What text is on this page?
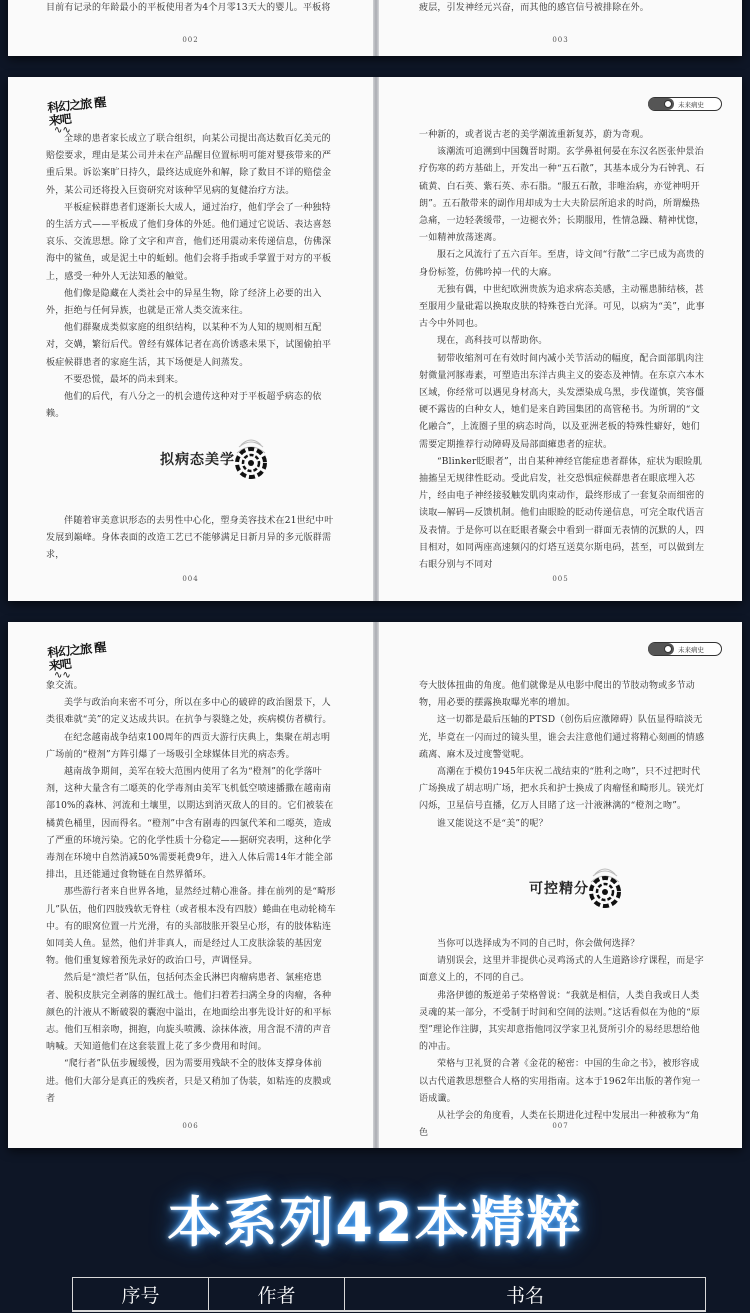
目前有记录的年龄最小的平板使用者为4个月零13天大的婴儿。平板将

002

疲层，引发神经元兴奋，而其他的感官信号被排除在外。

003
科幻之旅 醒来吧
∿∿

全球的患者家长成立了联合组织，向某公司提出高达数百亿美元的赔偿要求，理由是某公司并未在产品醒目位置标明可能对婴孩带来的严重后果。诉讼案旷日持久，最终达成庭外和解，除了数目不详的赔偿金外，某公司还将投入巨资研究对该种罕见病的复健治疗方法。

平板症候群患者们逐渐长大成人，通过治疗，他们学会了一种独特的生活方式——平板成了他们身体的外延。他们通过它说话、表达喜怒哀乐、交流思想。除了文字和声音，他们还用震动来传递信息，仿佛深海中的鲨鱼，或是泥土中的蚯蚓。他们会将手指或手掌置于对方的平板上，感受一种外人无法知悉的触觉。

他们像是隐藏在人类社会中的异星生物，除了经济上必要的出入外，拒绝与任何异族，也就是正常人类交流来往。

他们群聚成类似家庭的组织结构，以某种不为人知的规则相互配对，交媾，繁衍后代。曾经有媒体记者在高价诱惑未果下，试图偷拍平板症候群患者的家庭生活，其下场便是人间蒸发。

不要恐慌，最坏的尚未到来。

他们的后代，有八分之一的机会遗传这种对于平板超乎病态的依赖。

拟病态美学

伴随着审美意识形态的去男性中心化，塑身美容技术在21世纪中叶发展到巅峰。身体表面的改造工艺已不能够满足日新月异的多元版群需求，

004
未来病史

一种新的，或者说古老的美学潮流重新复苏，蔚为奇观。

该潮流可追溯到中国魏晋时期。玄学鼻祖何晏在东汉名医张仲景治疗伤寒的药方基础上，开发出一种“五石散”，其基本成分为石钟乳、石硫黄、白石英、紫石英、赤石脂。“服五石散，非唯治病，亦觉神明开朗”。五石散带来的副作用却成为士大夫阶层所追求的时尚，所谓燥热急痛，一边轻袭缓带，一边褪衣外；长期服用，性情急躁、精神忧惚，一如精神放荡迷离。

服石之风流行了五六百年。至唐，诗文间“行散”二字已成为高贵的身份标签，仿佛吟掉一代的大麻。

无独有偶，中世纪欧洲贵族为追求病态美感，主动罹患肺结核，甚至服用少量砒霜以换取皮肤的特殊苍白光泽。可见，以病为“美”，此事古今中外同也。

现在，高科技可以帮助你。

韧带收缩剂可在有效时间内减小关节活动的幅度，配合面部肌肉注射微量河豚毒素，可塑造出东洋古典主义的姿态及神情。在东京六本木区域，你经常可以遇见身材高大，头发漂染成乌黑，步伐谨慎，笑容僵硬不露齿的白种女人，她们是来自跨国集团的高管秘书。为所谓的“文化融合”，上流圈子里的病态时尚，以及亚洲老板的特殊性癖好，她们需要定期推荐行动障碍及局部面瘫患者的症状。

“Blinker眨眼者”，出自某种神经官能症患者群体，症状为眼睑肌抽搐呈无规律性眨动。受此启发，社交恐惧症候群患者在眼底埋入芯片，经由电子神经接驳触发肌肉束动作，最终形成了一套复杂而细密的读取—解码—反馈机制。他们由眼睑的眨动传递信息，可完全取代语言及表情。于是你可以在眨眼者聚会中看到一群面无表情的沉默的人，四目相对，如同两座高速频闪的灯塔互送莫尔斯电码，甚至，可以做到左右眼分别与不同对

005
科幻之旅 醒来吧
∿∿

象交流。

美学与政治向来密不可分，所以在多中心的破碎的政治图景下，人类很难就“美”的定义达成共识。在抗争与裂缝之处，疾病模仿者横行。

在纪念越南战争结束100周年的西贡大游行庆典上，集聚在胡志明广场前的“橙剂”方阵引爆了一场吸引全球媒体目光的病态秀。

越南战争期间，美军在较大范围内使用了名为“橙剂”的化学落叶剂，这种大量含有二噁英的化学毒剂由美军飞机低空喷速播撒在越南南部10%的森林、河流和土壤里，以期达到消灭敌人的目的。它们被装在橘黄色桶里，因而得名。“橙剂”中含有剧毒的四氯代苯和二噁英，造成了严重的环境污染。它的化学性质十分稳定——据研究表明，这种化学毒剂在环境中自然消减50%需要耗费9年，进入人体后需14年才能全部排出，且还能通过食物链在自然界循环。

那些游行者来自世界各地，显然经过精心准备。排在前列的是“畸形儿”队伍，他们四肢残软无脊柱（或者根本没有四肢）蜷曲在电动轮椅车中。有的眼窝位置一片光滑，有的头部肢胀开裂呈心形，有的肢体粘连如同美人鱼。显然，他们并非真人，而是经过人工皮肤涂装的基因宠物。他们重复嫁着预先录好的政治口号，声调怪异。

然后是“溃烂者”队伍，包括何杰金氏淋巴肉瘤病患者、氯痤疮患者、脱积皮肤完全剥落的腥红战士。他们扫着若扫满全身的肉瘤，各种颜色的汁液从不断破裂的囊泡中溢出，在地面绘出事先设计好的和平标志。他们互相亲吻，拥抱，向旋头喷溅、涂抹体液，用含混不清的声音呐喊。天知道他们在这套装置上花了多少费用和时间。

“爬行者”队伍步履缓慢，因为需要用残缺不全的肢体支撑身体前进。他们大部分是真正的残疾者，只是又稍加了伪装，如粘连的皮膜或者

006
未来病史

夸大肢体扭曲的角度。他们就像是从电影中爬出的节肢动物或多节动物，用必要的摆露换取曝光率的增加。

这一切都是最后压轴的PTSD（创伤后应激障碍）队伍显得暗淡无光，毕竟在一闪而过的镜头里，谁会去注意他们通过将精心刻画的情感疏离、麻木及过度警觉呢。

高潮在于模仿1945年庆祝二战结束的“胜利之吻”，只不过把时代广场换成了胡志明广场，把水兵和护士换成了肉瘤怪和畸形儿。镁光灯闪烁，卫星信号直播，亿万人目睹了这一汁液淋漓的“橙剂之吻”。

谁又能说这不是“美”的呢？

可控精分

当你可以选择成为不同的自己时，你会做何选择？

请别误会，这里并非提供心灵鸡汤式的人生道路诊疗课程，而是字面意义上的，不同的自己。

弗洛伊德的叛逆弟子荣格曾说：“我就是相信，人类自我或日人类灵魂的某一部分，不受制于时间和空间的法则。”这话看似在为他的“原型”理论作注脚，其实却意指他同汉学家卫礼贤所引介的易经思想给他的冲击。

荣格与卫礼贤的合著《金花的秘密：中国的生命之书》，被形容成以古代道教思想整合人格的实用指南。这本于1962年出版的著作宛一语成谶。

从社学会的角度看，人类在长期进化过程中发展出一种被称为“角色

007
本系列42本精粹
序号	作者	书名
